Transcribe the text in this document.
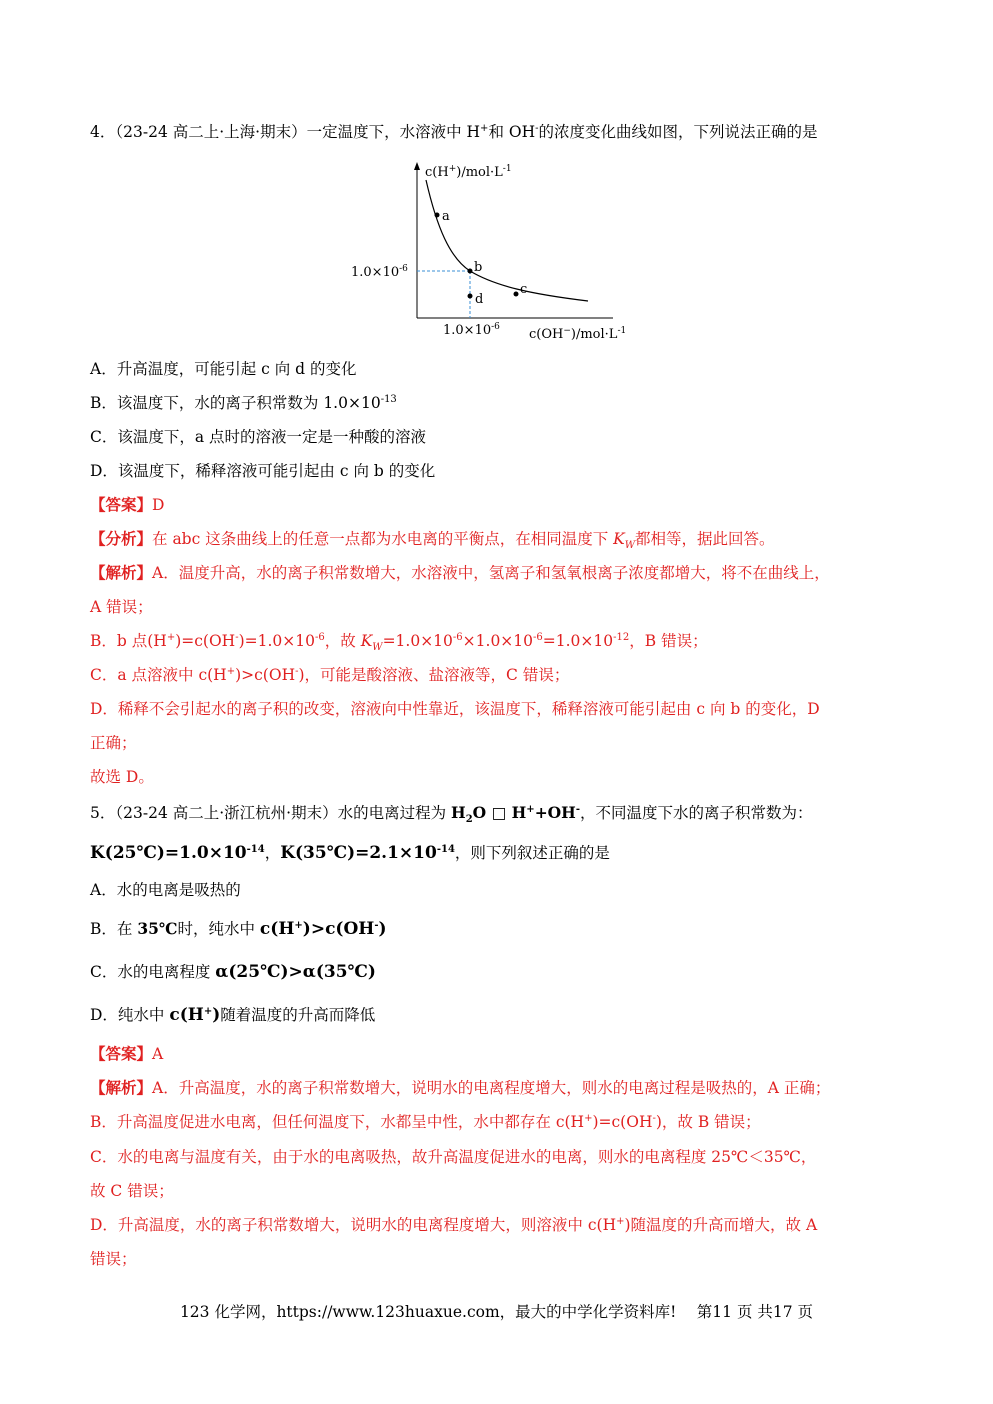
4．（23-24 高二上·上海·期末）一定温度下，水溶液中 H+和 OH-的浓度变化曲线如图，下列说法正确的是
$c(H^+)/mol\cdot L^{-1}$
$c(OH^-)/mol\cdot L^{-1}$
$1.0\times 10^{-6}$
$1.0\times 10^{-6}$
a
b
c
d
A．升高温度，可能引起 c 向 d 的变化
B．该温度下，水的离子积常数为 $1.0\times 10^{-13}$
C．该温度下，a 点时的溶液一定是一种酸的溶液
D．该温度下，稀释溶液可能引起由 c 向 b 的变化
【答案】D
【分析】在 abc 这条曲线上的任意一点都为水电离的平衡点，在相同温度下 $K_W$都相等，据此回答。
【解析】A．温度升高，水的离子积常数增大，水溶液中，氢离子和氢氧根离子浓度都增大，将不在曲线上，
A 错误；
B．b 点$(H^+)=c(OH^-)=1.0\times 10^{-6}$，故 $K_W=1.0\times 10^{-6}\times 1.0\times 10^{-6}=1.0\times 10^{-12}$，B 错误；
C．a 点溶液中 c(H+)>c(OH-)，可能是酸溶液、盐溶液等，C 错误；
D．稀释不会引起水的离子积的改变，溶液向中性靠近，该温度下，稀释溶液可能引起由 c 向 b 的变化，D
正确；
故选 D。
5．（23-24 高二上·浙江杭州·期末）水的电离过程为 $H_2O$ □ H++OH-，不同温度下水的离子积常数为：
$K(25℃)=1.0\times 10^{-14}$，$K(35℃)=2.1\times 10^{-14}$，则下列叙述正确的是
A．水的电离是吸热的
B．在 35℃时，纯水中 c(H+)>c(OH-)
C．水的电离程度 α(25℃)>α(35℃)
D．纯水中 c(H+)随着温度的升高而降低
【答案】A
【解析】A．升高温度，水的离子积常数增大，说明水的电离程度增大，则水的电离过程是吸热的，A 正确；
B．升高温度促进水电离，但任何温度下，水都呈中性，水中都存在 c(H+)=c(OH-)，故 B 错误；
C．水的电离与温度有关，由于水的电离吸热，故升高温度促进水的电离，则水的电离程度 25℃＜35℃，
故 C 错误；
D．升高温度，水的离子积常数增大，说明水的电离程度增大，则溶液中 c(H+)随温度的升高而增大，故 A
错误；
123 化学网，https://www.123huaxue.com，最大的中学化学资料库!　 第11 页 共17 页
